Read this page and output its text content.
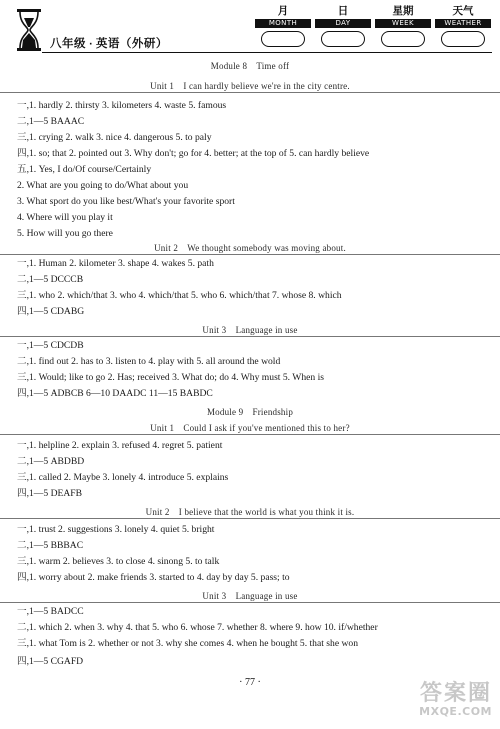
八年级 · 英语（外研）
月
MONTH
日
DAY
星期
WEEK
天气
WEATHER
Module 8　Time off
Unit 1　I can hardly believe we're in the city centre.
一,1. hardly 2. thirsty 3. kilometers 4. waste 5. famous
二,1—5 BAAAC
三,1. crying 2. walk 3. nice 4. dangerous 5. to paly
四,1. so; that 2. pointed out 3. Why don't; go for 4. better; at the top of 5. can hardly believe
五,1. Yes, I do/Of course/Certainly
2. What are you going to do/What about you
3. What sport do you like best/What's your favorite sport
4. Where will you play it
5. How will you go there
Unit 2　We thought somebody was moving about.
一,1. Human 2. kilometer 3. shape 4. wakes 5. path
二,1—5 DCCCB
三,1. who 2. which/that 3. who 4. which/that 5. who 6. which/that 7. whose 8. which
四,1—5 CDABG
Unit 3　Language in use
一,1—5 CDCDB
二,1. find out 2. has to 3. listen to 4. play with 5. all around the wold
三,1. Would; like to go 2. Has; received 3. What do; do 4. Why must 5. When is
四,1—5 ADBCB 6—10 DAADC 11—15 BABDC
Module 9　Friendship
Unit 1　Could I ask if you've mentioned this to her?
一,1. helpline 2. explain 3. refused 4. regret 5. patient
二,1—5 ABDBD
三,1. called 2. Maybe 3. lonely 4. introduce 5. explains
四,1—5 DEAFB
Unit 2　I believe that the world is what you think it is.
一,1. trust 2. suggestions 3. lonely 4. quiet 5. bright
二,1—5 BBBAC
三,1. warm 2. believes 3. to close 4. sinong 5. to talk
四,1. worry about 2. make friends 3. started to 4. day by day 5. pass; to
Unit 3　Language in use
一,1—5 BADCC
二,1. which 2. when 3. why 4. that 5. who 6. whose 7. whether 8. where 9. how 10. if/whether
三,1. what Tom is 2. whether or not 3. why she comes 4. when he bought 5. that she won
四,1—5 CGAFD
· 77 ·	答案圈
MXQE.COM
